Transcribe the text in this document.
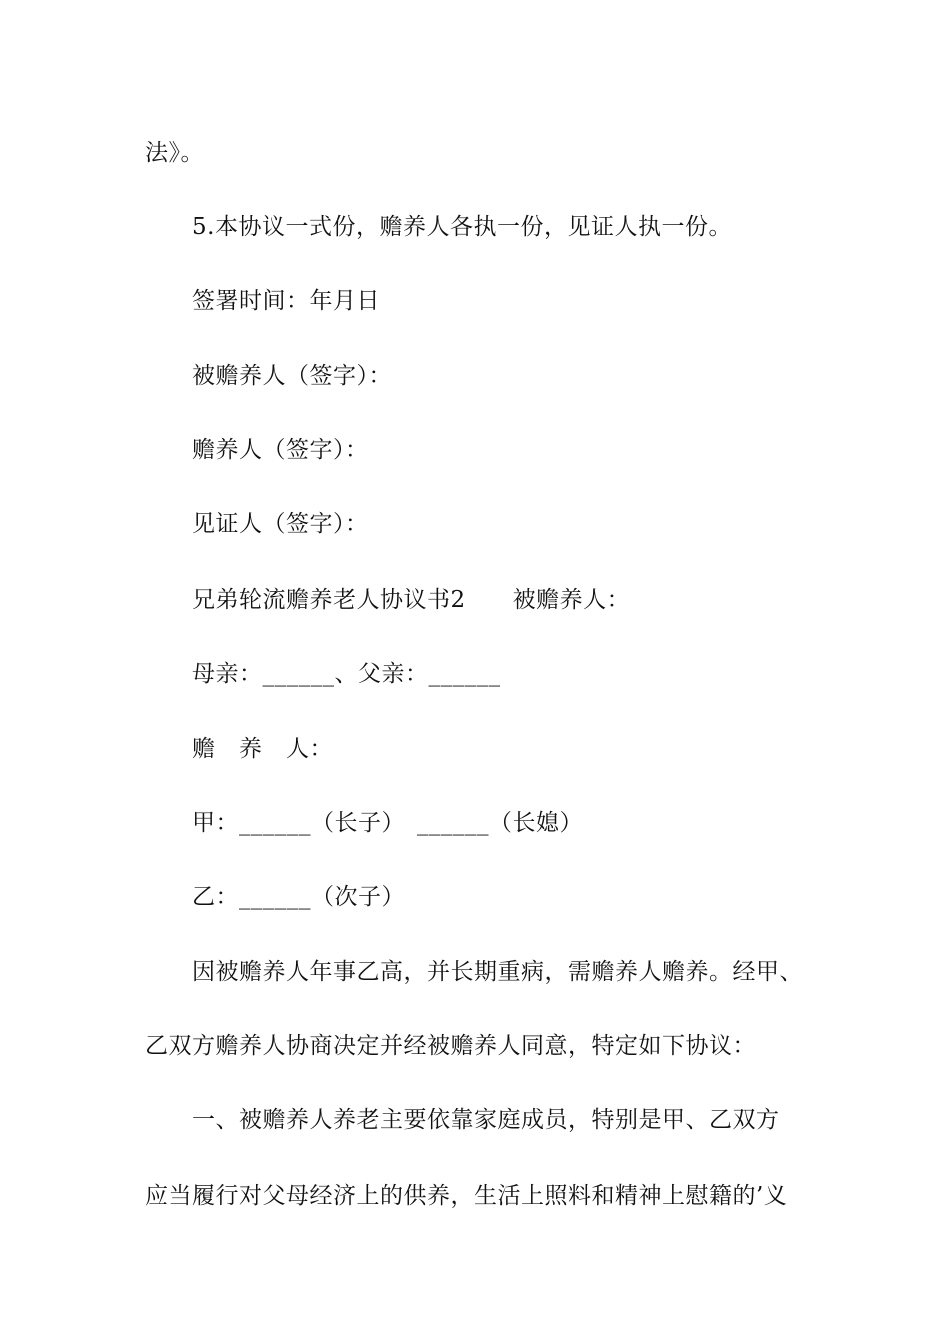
法》。
5.本协议一式份，赡养人各执一份，见证人执一份。
签署时间：年月日
被赡养人（签字）：
赡养人（签字）：
见证人（签字）：
兄弟轮流赡养老人协议书2　　被赡养人：
母亲：______、父亲：______
赡　养　人：
甲：______（长子）　______（长媳）
乙：______（次子）
因被赡养人年事乙高，并长期重病，需赡养人赡养。经甲、
乙双方赡养人协商决定并经被赡养人同意，特定如下协议：
一、被赡养人养老主要依靠家庭成员，特别是甲、乙双方
应当履行对父母经济上的供养，生活上照料和精神上慰籍的’义
